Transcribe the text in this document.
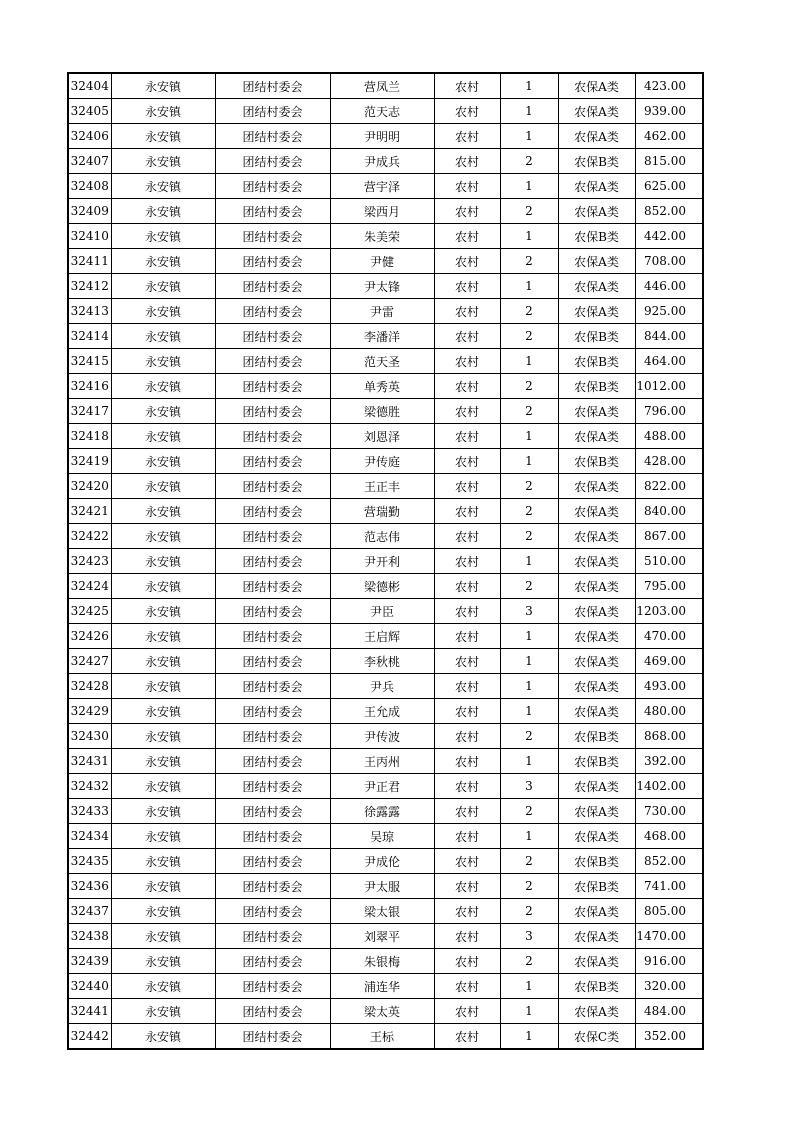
32404	永安镇	团结村委会	营凤兰	农村	1	农保A类	423.00
32405	永安镇	团结村委会	范天志	农村	1	农保A类	939.00
32406	永安镇	团结村委会	尹明明	农村	1	农保A类	462.00
32407	永安镇	团结村委会	尹成兵	农村	2	农保B类	815.00
32408	永安镇	团结村委会	营宇泽	农村	1	农保A类	625.00
32409	永安镇	团结村委会	梁西月	农村	2	农保A类	852.00
32410	永安镇	团结村委会	朱美荣	农村	1	农保B类	442.00
32411	永安镇	团结村委会	尹健	农村	2	农保A类	708.00
32412	永安镇	团结村委会	尹太锋	农村	1	农保A类	446.00
32413	永安镇	团结村委会	尹雷	农村	2	农保A类	925.00
32414	永安镇	团结村委会	李潘洋	农村	2	农保B类	844.00
32415	永安镇	团结村委会	范天圣	农村	1	农保B类	464.00
32416	永安镇	团结村委会	单秀英	农村	2	农保B类	1012.00
32417	永安镇	团结村委会	梁德胜	农村	2	农保A类	796.00
32418	永安镇	团结村委会	刘恩泽	农村	1	农保A类	488.00
32419	永安镇	团结村委会	尹传庭	农村	1	农保B类	428.00
32420	永安镇	团结村委会	王正丰	农村	2	农保A类	822.00
32421	永安镇	团结村委会	营瑞勤	农村	2	农保A类	840.00
32422	永安镇	团结村委会	范志伟	农村	2	农保A类	867.00
32423	永安镇	团结村委会	尹开利	农村	1	农保A类	510.00
32424	永安镇	团结村委会	梁德彬	农村	2	农保A类	795.00
32425	永安镇	团结村委会	尹臣	农村	3	农保A类	1203.00
32426	永安镇	团结村委会	王启辉	农村	1	农保A类	470.00
32427	永安镇	团结村委会	李秋桃	农村	1	农保A类	469.00
32428	永安镇	团结村委会	尹兵	农村	1	农保A类	493.00
32429	永安镇	团结村委会	王允成	农村	1	农保A类	480.00
32430	永安镇	团结村委会	尹传波	农村	2	农保B类	868.00
32431	永安镇	团结村委会	王丙州	农村	1	农保B类	392.00
32432	永安镇	团结村委会	尹正君	农村	3	农保A类	1402.00
32433	永安镇	团结村委会	徐露露	农村	2	农保A类	730.00
32434	永安镇	团结村委会	吴琼	农村	1	农保A类	468.00
32435	永安镇	团结村委会	尹成伦	农村	2	农保B类	852.00
32436	永安镇	团结村委会	尹太服	农村	2	农保B类	741.00
32437	永安镇	团结村委会	梁太银	农村	2	农保A类	805.00
32438	永安镇	团结村委会	刘翠平	农村	3	农保A类	1470.00
32439	永安镇	团结村委会	朱银梅	农村	2	农保A类	916.00
32440	永安镇	团结村委会	浦连华	农村	1	农保B类	320.00
32441	永安镇	团结村委会	梁太英	农村	1	农保A类	484.00
32442	永安镇	团结村委会	王标	农村	1	农保C类	352.00
